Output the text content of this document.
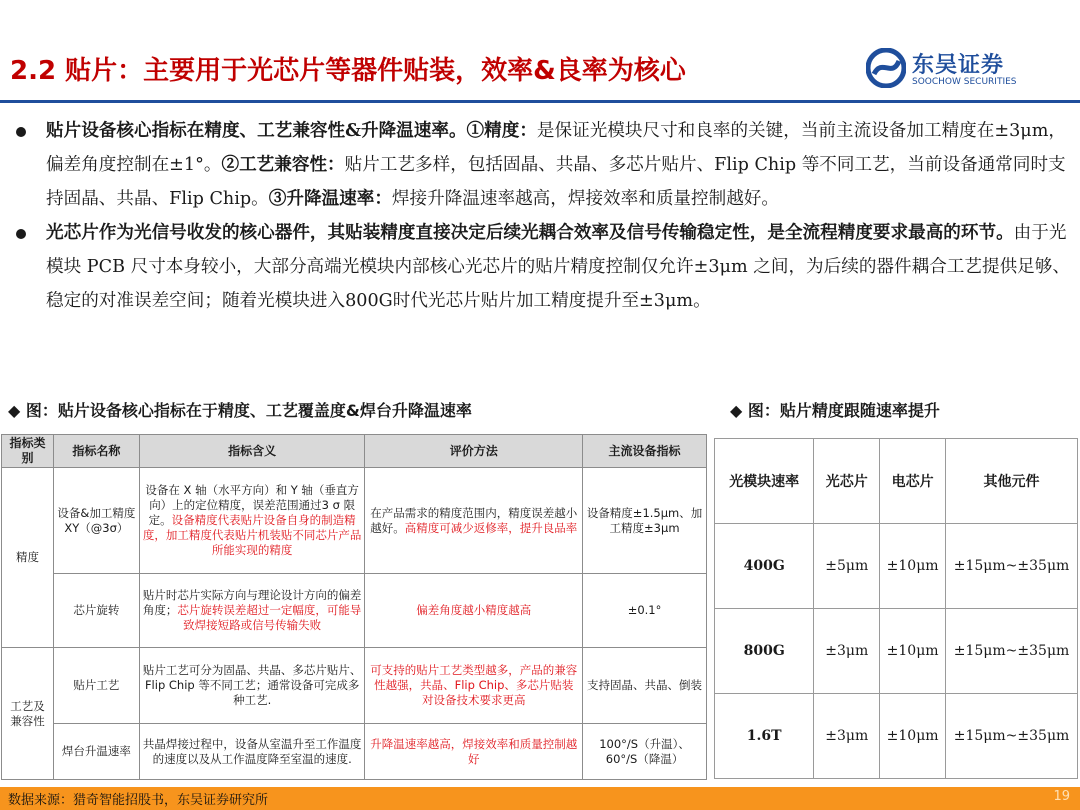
2.2 贴片：主要用于光芯片等器件贴装，效率&良率为核心	东吴证券
SOOCHOW SECURITIES
贴片设备核心指标在精度、工艺兼容性&升降温速率。①精度：是保证光模块尺寸和良率的关键，当前主流设备加工精度在±3μm，偏差角度控制在±1°。②工艺兼容性：贴片工艺多样，包括固晶、共晶、多芯片贴片、Flip Chip 等不同工艺，当前设备通常同时支持固晶、共晶、Flip Chip。③升降温速率：焊接升降温速率越高，焊接效率和质量控制越好。
光芯片作为光信号收发的核心器件，其贴装精度直接决定后续光耦合效率及信号传输稳定性，是全流程精度要求最高的环节。由于光模块 PCB 尺寸本身较小，大部分高端光模块内部核心光芯片的贴片精度控制仅允许±3μm 之间，为后续的器件耦合工艺提供足够、稳定的对准误差空间；随着光模块进入800G时代光芯片贴片加工精度提升至±3μm。
◆ 图：贴片设备核心指标在于精度、工艺覆盖度&焊台升降温速率	◆ 图：贴片精度跟随速率提升
指标类别	指标名称	指标含义	评价方法	主流设备指标
精度	设备&加工精度 XY（@3σ）	设备在 X 轴（水平方向）和 Y 轴（垂直方向）上的定位精度，误差范围通过3 σ 限定。设备精度代表贴片设备自身的制造精度，加工精度代表贴片机装贴不同芯片产品所能实现的精度	在产品需求的精度范围内，精度误差越小越好。高精度可减少返修率，提升良品率	设备精度±1.5μm、加工精度±3μm
	芯片旋转	贴片时芯片实际方向与理论设计方向的偏差角度；芯片旋转误差超过一定幅度，可能导致焊接短路或信号传输失败	偏差角度越小精度越高	±0.1°
工艺及兼容性	贴片工艺	贴片工艺可分为固晶、共晶、多芯片贴片、Flip Chip 等不同工艺；通常设备可完成多种工艺.	可支持的贴片工艺类型越多，产品的兼容性越强，共晶、Flip Chip、多芯片贴装对设备技术要求更高	支持固晶、共晶、倒装
	焊台升温速率	共晶焊接过程中，设备从室温升至工作温度的速度以及从工作温度降至室温的速度.	升降温速率越高，焊接效率和质量控制越好	100°/S（升温）、60°/S（降温）
光模块速率	光芯片	电芯片	其他元件
400G	±5μm	±10μm	±15μm~±35μm
800G	±3μm	±10μm	±15μm~±35μm
1.6T	±3μm	±10μm	±15μm~±35μm
数据来源：猎奇智能招股书，东吴证券研究所	19
